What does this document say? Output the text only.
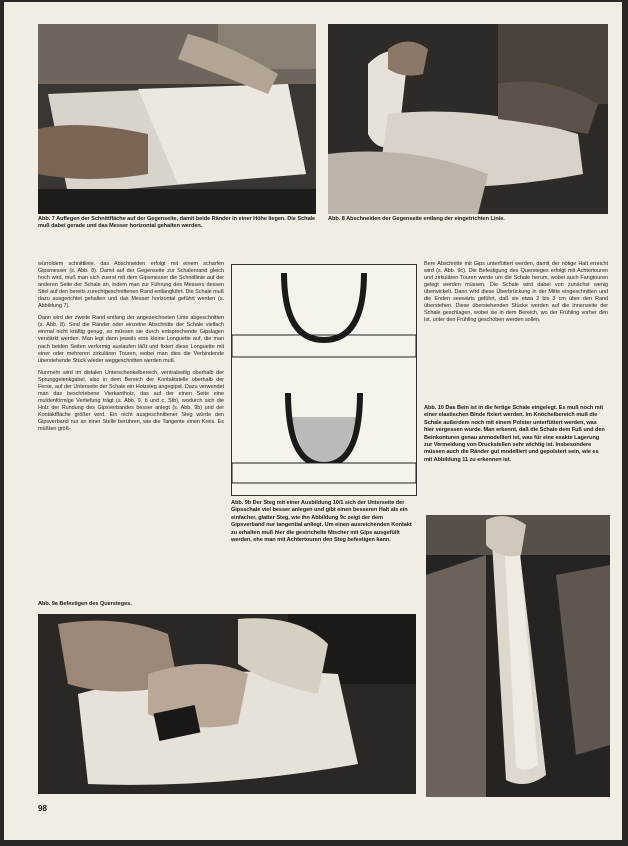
Abb. 7 Auflegen der Schnittfläche auf der Gegenseite, damit beide Ränder in einer Höhe liegen. Die Schale muß dabei gerade und das Messer horizontal gehalten werden.
Abb. 8 Abschneiden der Gegenseite entlang der eingetrichten Linie.

würroldem schnittlinie, das Abschneiden erfolgt mit einem scharfen Gipsmesser (s. Abb. 8). Damit auf der Gegenseite zur Schalenrand gleich hoch wird, muß man sich zuerst mit dem Gipsmesser die Schnittlinie auf der anderen Seite der Schale an, indem man zur Führung des Messers dessen Stiel auf den bereits zurechtgeschnittenen Rand entlanglührt. Die Schale muß dazu ausgerichtet gehalten und das Messer horizontal geführt werden (s. Abbildung 7).

Dann wird der zweite Rand entlang der angezeichneten Linie abgeschnitten (s. Abb. 8). Sind die Ränder oder einzelne Abschnitte der Schale vielfach einmal nicht kräftig genug, so müssen sie durch entsprechende Gipslagen verstärkt werden. Man legt dann jeweils eine kleine Longuette auf, die man nach beiden Seiten verformig auslaufen läßt und fixiert diese Longuette mit einer oder mehreren zirkulären Touren, wobei man dies die Verbindende überstehende Stück wieder weggeschnitten werden muß.

Nunmehr wird im distalen Unterschenkelbereich, ventralseitig oberhalb der Sprunggelenkgabel, also in dem Bereich der Kontaktstelle oberhalb der Ferse, auf der Unterseite der Schale ein Holzsteg angegipst. Dazu verwendet man das beschriebene Vierkantholz, das auf der einen Seite eine muldenförmige Vertiefung trägt (s. Abb. 9, b und c, Stb), wodurch sich die Holz der Rundung des Gipsverbandes besser anlegt (s. Abb. 9b) und der Kontaktfläche größer wird. Ein nicht ausgeschnittener Steg würde den Gipsverband nur an einer Stelle berühren, wie die Tangente einen Kreis. Es müßten größ-

Abb. 9b Der Steg mit einer Ausbildung 10/1 sich der Unterseite der Gipsschale viel besser anlegen und gibt einen besseren Halt als ein einfacher, glatter Steg, wie ihn Abbildung 9c zeigt der dem Gipsverband nur tangential anliegt. Um einen ausreichenden Kontakt zu erhalten muß hier die gestrichelte Mischer mit Gips ausgefüllt werden, ehe man mit Achtertouren den Steg befestigen kann.

Bere Abschnitte mit Gips unterfüttert werden, damit der nötige Halt erreicht wird (s. Abb. 9c). Die Befestigung des Quersteges erfolgt mit Achtertouren und zirkulären Touren werde um die Schale herum, wobei auch Fangtouren gelegt werden müssen. Die Schale wird dabei von zunächst wenig überwickelt. Dann wird diese Überbrückung in der Mitte eingeschnitten und die Enden seewärts geführt, daß sie etwa 2 bis 3 cm über den Rand überstehen. Diese überstehenden Stücke werden auf die Innenseite der Schale geschlagen, wobei sie in dem Bereich, wo der Frühling vorher den Ist, unter den Frühling geschoben werden sollen.

Abb. 10 Das Bein ist in die fertige Schale eingelegt. Es muß noch mit einer elastischen Binde fixiert werden. Im Knöchelbereich muß die Schale außerdem noch mit einem Polster unterfüttert werden, was hier vergessen wurde. Man erkennt, daß die Schale dem Fuß und den Beinkonturen genau anmodelliert ist, was für eine exakte Lagerung zur Vermeidung von Druckstellen sehr wichtig ist. Insbesondere müssen auch die Ränder gut modelliert und gepolstert sein, wie es mit Abbildung 11 zu erkennen ist.
Abb. 9a Befestigen des Quersteges.
98
